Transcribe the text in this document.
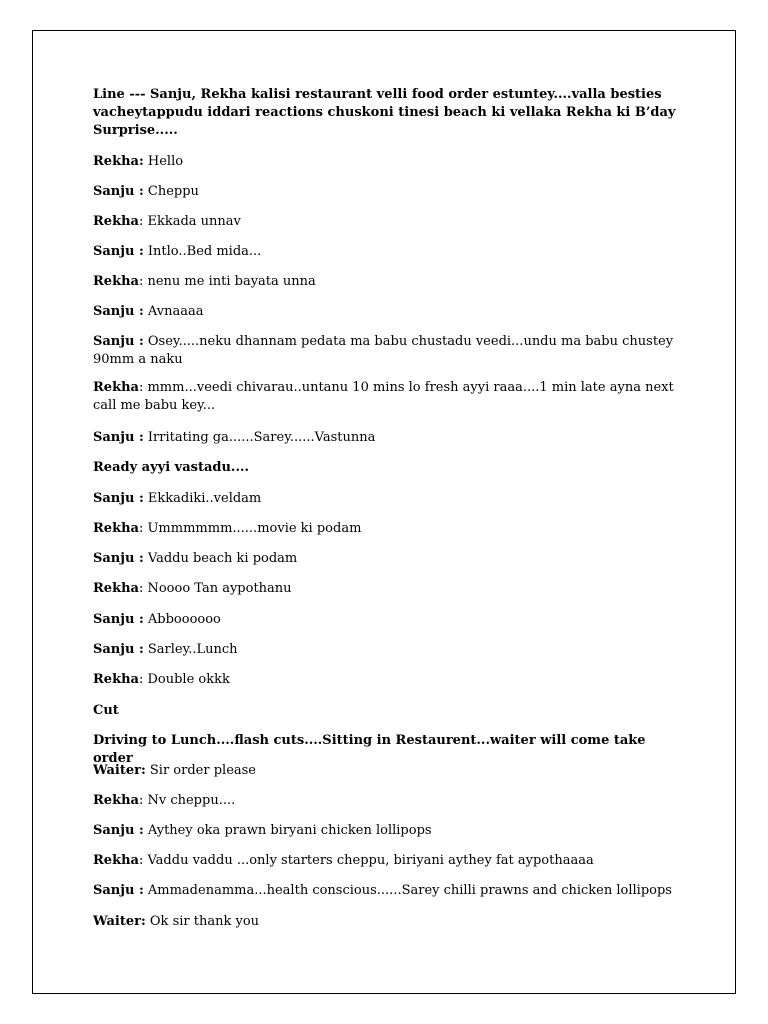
Line --- Sanju, Rekha kalisi restaurant velli food order estuntey....valla besties vacheytappudu iddari reactions chuskoni tinesi beach ki vellaka Rekha ki B’day Surprise.....

Rekha: Hello

Sanju : Cheppu

Rekha: Ekkada unnav

Sanju : Intlo..Bed mida...

Rekha: nenu me inti bayata unna

Sanju : Avnaaaa

Sanju : Osey.....neku dhannam pedata ma babu chustadu veedi...undu ma babu chustey 90mm a naku

Rekha: mmm...veedi chivarau..untanu 10 mins lo fresh ayyi raaa....1 min late ayna next call me babu key...

Sanju : Irritating ga......Sarey......Vastunna

Ready ayyi vastadu....

Sanju : Ekkadiki..veldam

Rekha: Ummmmmm......movie ki podam

Sanju : Vaddu beach ki podam

Rekha: Noooo Tan aypothanu

Sanju : Abboooooo

Sanju : Sarley..Lunch

Rekha: Double okkk

Cut

Driving to Lunch....flash cuts....Sitting in Restaurent...waiter will come take order

Waiter: Sir order please

Rekha: Nv cheppu....

Sanju : Aythey oka prawn biryani chicken lollipops

Rekha: Vaddu vaddu ...only starters cheppu, biriyani aythey fat aypothaaaa

Sanju : Ammadenamma...health conscious......Sarey chilli prawns and chicken lollipops

Waiter: Ok sir thank you
